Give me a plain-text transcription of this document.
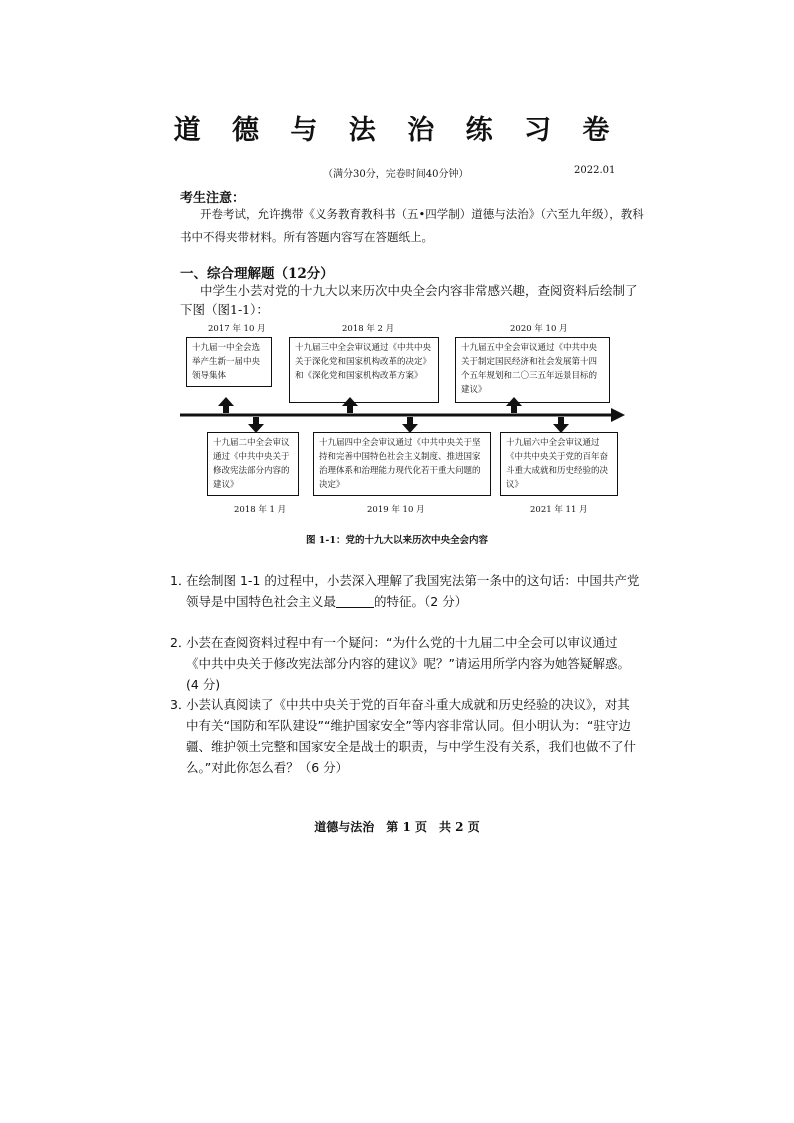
道 德 与 法 治 练 习 卷
（满分30分，完卷时间40分钟）	2022.01
考生注意：
开卷考试，允许携带《义务教育教科书（五•四学制）道德与法治》（六至九年级），教科书中不得夹带材料。所有答题内容写在答题纸上。
一、综合理解题（12分）
中学生小芸对党的十九大以来历次中央全会内容非常感兴趣，查阅资料后绘制了下图（图1-1）：
2017 年 10 月	2018 年 2 月	2020 年 10 月
十九届一中全会选举产生新一届中央领导集体
十九届三中全会审议通过《中共中央关于深化党和国家机构改革的决定》和《深化党和国家机构改革方案》
十九届五中全会审议通过《中共中央关于制定国民经济和社会发展第十四个五年规划和二〇三五年远景目标的建议》
十九届二中全会审议通过《中共中央关于修改宪法部分内容的建议》
十九届四中全会审议通过《中共中央关于坚持和完善中国特色社会主义制度、推进国家治理体系和治理能力现代化若干重大问题的决定》
十九届六中全会审议通过《中共中央关于党的百年奋斗重大成就和历史经验的决议》
2018 年 1 月	2019 年 10 月	2021 年 11 月
图 1-1：党的十九大以来历次中央全会内容
1．
在绘制图 1-1 的过程中，小芸深入理解了我国宪法第一条中的这句话：中国共产党领导是中国特色社会主义最	的特征。（2 分）
2．
小芸在查阅资料过程中有一个疑问：“为什么党的十九届二中全会可以审议通过《中共中央关于修改宪法部分内容的建议》呢？”请运用所学内容为她答疑解惑。(4 分)
3．
小芸认真阅读了《中共中央关于党的百年奋斗重大成就和历史经验的决议》，对其中有关“国防和军队建设”“维护国家安全”等内容非常认同。但小明认为：“驻守边疆、维护领土完整和国家安全是战士的职责，与中学生没有关系，我们也做不了什么。”对此你怎么看？（6 分）
道德与法治　第 1 页　共 2 页
